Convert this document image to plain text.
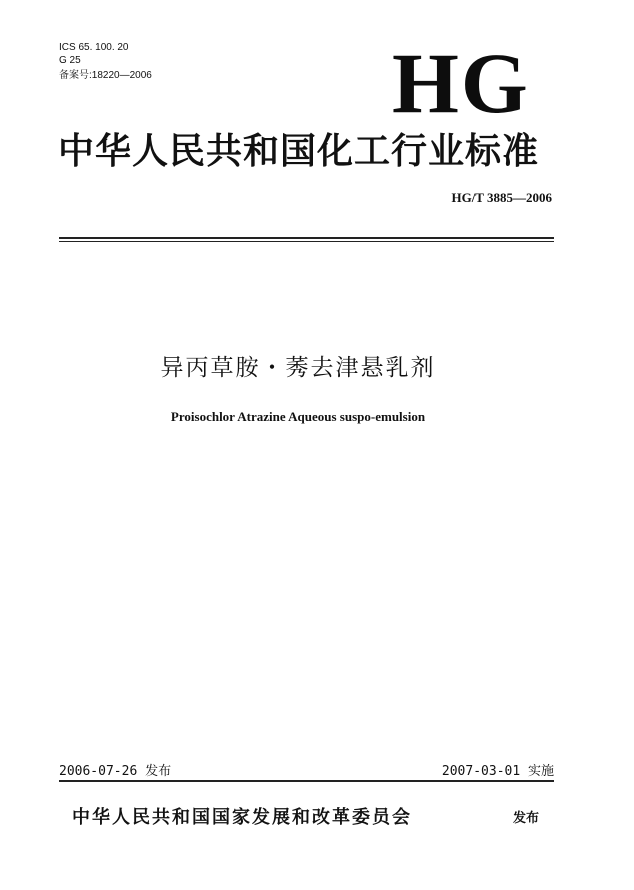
ICS 65. 100. 20
G 25
备案号:18220—2006	HG
中华人民共和国化工行业标准
HG/T 3885—2006
异丙草胺・莠去津悬乳剂
Proisochlor Atrazine Aqueous suspo-emulsion
2006-07-26 发布	2007-03-01 实施
中华人民共和国国家发展和改革委员会	发布
